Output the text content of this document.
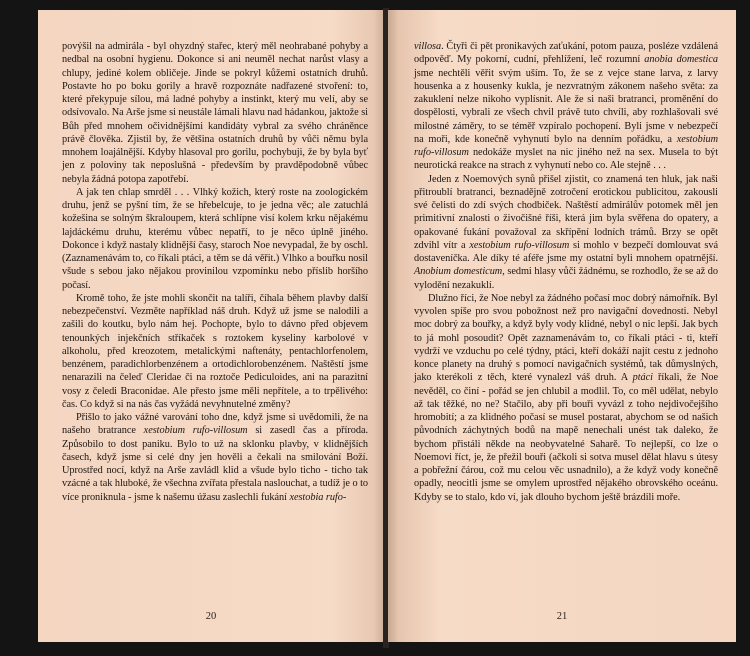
povýšil na admirála - byl ohyzdný stařec, který měl neohrabané pohyby a nedbal na osobní hygienu. Dokonce si ani neuměl nechat narůst vlasy a chlupy, jediné kolem obličeje. Jinde se pokryl kůžemi ostatních druhů. Postavte ho po boku gorily a hravě rozpoznáte nadřazené stvoření: to, které překypuje sílou, má ladné pohyby a instinkt, který mu velí, aby se odsívovalo. Na Arše jsme si neustále lámali hlavu nad hádankou, jaktože si Bůh před mnohem očividnějšími kandidáty vybral za svého chráněnce právě člověka. Zjistil by, že většina ostatních druhů by vůči němu byla mnohem loajálnější. Kdyby hlasoval pro gorilu, pochybuji, že by byla byť jen z poloviny tak neposlušná - především by pravděpodobně vůbec nebyla žádná potopa zapotřebí.

A jak ten chlap smrděl . . . Vlhký kožich, který roste na zoologickém druhu, jenž se pyšní tím, že se hřebelcuje, to je jedna věc; ale zatuchlá kožešina se solným škraloupem, která schlípne visí kolem krku nějakému lajdáckému druhu, kterému vůbec nepatří, to je něco úplně jiného. Dokonce i když nastaly klidnější časy, staroch Noe nevypadal, že by oschl. (Zaznamenávám to, co říkali ptáci, a těm se dá věřit.) Vlhko a bouřku nosil všude s sebou jako nějakou provinilou vzpomínku nebo příslib horšího počasí.

Kromě toho, že jste mohli skončit na talíři, číhala během plavby další nebezpečenství. Vezměte například náš druh. Když už jsme se nalodili a zašili do koutku, bylo nám hej. Pochopte, bylo to dávno před objevem tenounkých injekčních stříkaček s roztokem kyseliny karbolové v alkoholu, před kreozotem, metalickými naftenáty, pentachlorfenolem, benzénem, paradichlorbenzénem a ortodichlorobenzénem. Naštěstí jsme nenarazili na čeleď Cleridae či na roztoče Pediculoides, ani na parazitní vosy z čeledi Braconidae. Ale přesto jsme měli nepřítele, a to trpělivého: čas. Co když si na nás čas vyžádá nevyhnutelné změny?

Přišlo to jako vážné varování toho dne, když jsme si uvědomili, že na našeho bratrance xestobium rufo-villosum si zasedl čas a příroda. Způsobilo to dost paniku. Bylo to už na sklonku plavby, v klidnějších časech, když jsme si celé dny jen hověli a čekali na smilování Boží. Uprostřed nocí, když na Arše zavládl klid a všude bylo ticho - ticho tak vzácné a tak hluboké, že všechna zvířata přestala naslouchat, a tudíž je o to více proniknula - jsme k našemu úžasu zaslechli fukání xestobia rufo-

20

villosa. Čtyři či pět pronikavých zaťukání, potom pauza, posléze vzdálená odpověď. My pokorní, cudní, přehlížení, leč rozumní anobia domestica jsme nechtěli věřit svým uším. To, že se z vejce stane larva, z larvy housenka a z housenky kukla, je nezvratným zákonem našeho světa: za zakuklení nelze nikoho vyplísnit. Ale že si naši bratranci, proměnění do dospělosti, vybrali ze všech chvil právě tuto chvíli, aby rozhlašovali své milostné záměry, to se téměř vzpíralo pochopení. Byli jsme v nebezpečí na moři, kde konečně vyhynutí bylo na denním pořádku, a xestobium rufo-villosum nedokáže myslet na nic jiného než na sex. Musela to být neurotická reakce na strach z vyhynutí nebo co. Ale stejně . . .

Jeden z Noemových synů přišel zjistit, co znamená ten hluk, jak naši přitroublí bratranci, beznadějně zotročení erotickou publicitou, zakousli své čelisti do zdí svých chodbiček. Naštěstí admirálův potomek měl jen primitivní znalosti o živočišné říši, která jim byla svěřena do opatery, a opakované fukání považoval za skřípění lodních trámů. Brzy se opět zdvihl vítr a xestobium rufo-villosum si mohlo v bezpečí domlouvat svá dostaveníčka. Ale díky té aféře jsme my ostatní byli mnohem opatrnější. Anobium domesticum, sedmi hlasy vůči žádnému, se rozhodlo, že se až do vylodění nezakuklí.

Dlužno říci, že Noe nebyl za žádného počasí moc dobrý námořník. Byl vyvolen spíše pro svou pobožnost než pro navigační dovednosti. Nebyl moc dobrý za bouřky, a když byly vody klidné, nebyl o nic lepší. Jak bych to já mohl posoudit? Opět zaznamenávám to, co říkali ptáci - ti, kteří vydrží ve vzduchu po celé týdny, ptáci, kteří dokáží najít cestu z jednoho konce planety na druhý s pomocí navigačních systémů, tak důmyslných, jako kterékoli z těch, které vynalezl váš druh. A ptáci říkali, že Noe nevěděl, co činí - pořád se jen chlubil a modlil. To, co měl udělat, nebylo až tak těžké, no ne? Stačilo, aby při bouři vyvázl z toho nejdivočejšího hromobití; a za klidného počasí se musel postarat, abychom se od našich původních záchytných bodů na mapě nenechali unést tak daleko, že bychom přistáli někde na neobyvatelné Saharě. To nejlepší, co lze o Noemovi říct, je, že přežil bouři (ačkoli si sotva musel dělat hlavu s útesy a pobřežní čárou, což mu celou věc usnadnilo), a že když vody konečně opadly, neocitli jsme se omylem uprostřed nějakého obrovského oceánu. Kdyby se to stalo, kdo ví, jak dlouho bychom ještě brázdili moře.

21
